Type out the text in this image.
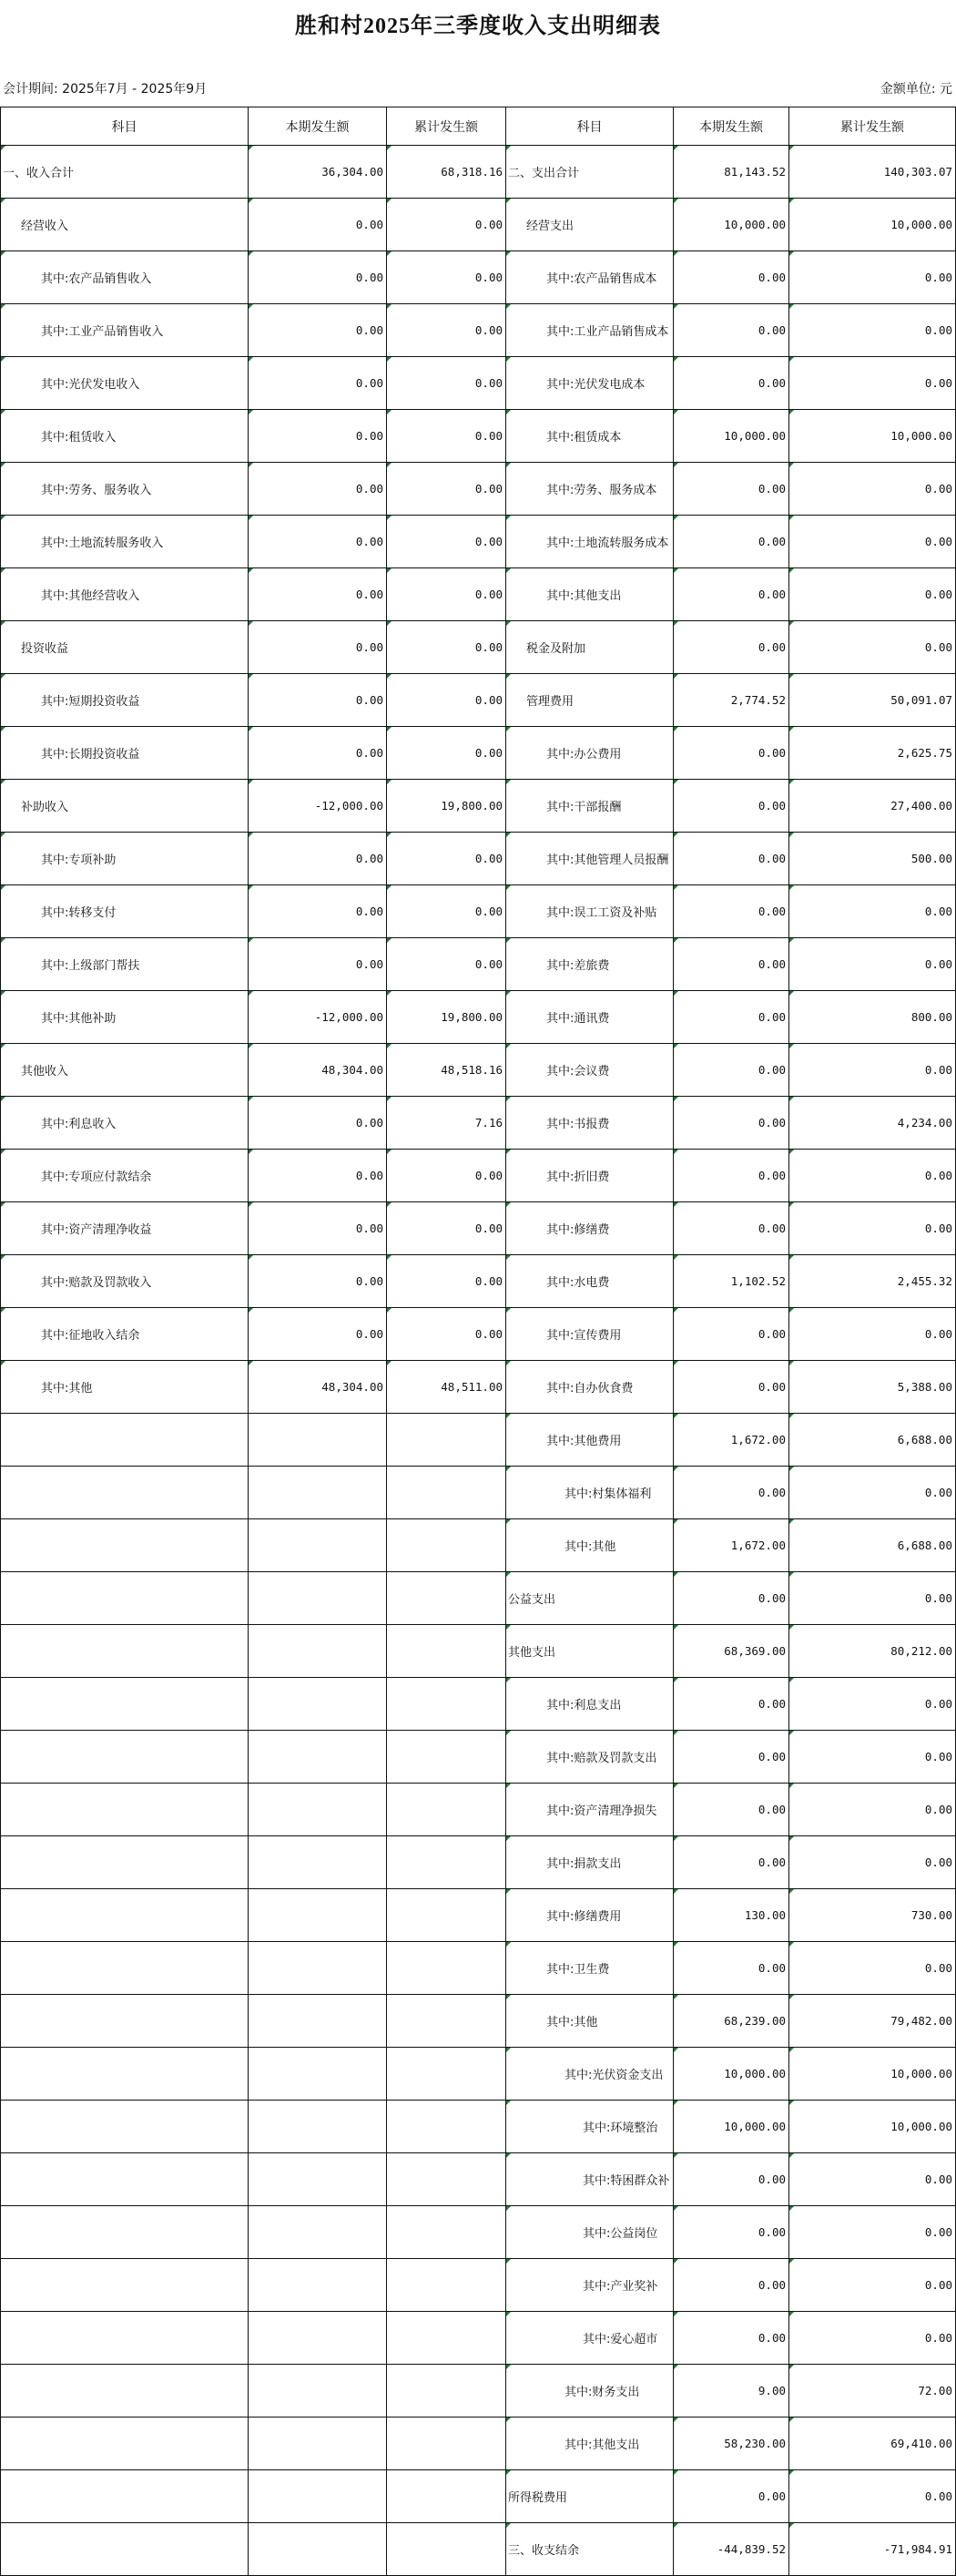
胜和村2025年三季度收入支出明细表
会计期间: 2025年7月 - 2025年9月	金额单位: 元
科目	本期发生额	累计发生额	科目	本期发生额	累计发生额
一、收入合计	36,304.00	68,318.16	二、支出合计	81,143.52	140,303.07
经营收入	0.00	0.00	经营支出	10,000.00	10,000.00
其中:农产品销售收入	0.00	0.00	其中:农产品销售成本	0.00	0.00
其中:工业产品销售收入	0.00	0.00	其中:工业产品销售成本	0.00	0.00
其中:光伏发电收入	0.00	0.00	其中:光伏发电成本	0.00	0.00
其中:租赁收入	0.00	0.00	其中:租赁成本	10,000.00	10,000.00
其中:劳务、服务收入	0.00	0.00	其中:劳务、服务成本	0.00	0.00
其中:土地流转服务收入	0.00	0.00	其中:土地流转服务成本	0.00	0.00
其中:其他经营收入	0.00	0.00	其中:其他支出	0.00	0.00
投资收益	0.00	0.00	税金及附加	0.00	0.00
其中:短期投资收益	0.00	0.00	管理费用	2,774.52	50,091.07
其中:长期投资收益	0.00	0.00	其中:办公费用	0.00	2,625.75
补助收入	-12,000.00	19,800.00	其中:干部报酬	0.00	27,400.00
其中:专项补助	0.00	0.00	其中:其他管理人员报酬	0.00	500.00
其中:转移支付	0.00	0.00	其中:误工工资及补贴	0.00	0.00
其中:上级部门帮扶	0.00	0.00	其中:差旅费	0.00	0.00
其中:其他补助	-12,000.00	19,800.00	其中:通讯费	0.00	800.00
其他收入	48,304.00	48,518.16	其中:会议费	0.00	0.00
其中:利息收入	0.00	7.16	其中:书报费	0.00	4,234.00
其中:专项应付款结余	0.00	0.00	其中:折旧费	0.00	0.00
其中:资产清理净收益	0.00	0.00	其中:修缮费	0.00	0.00
其中:赔款及罚款收入	0.00	0.00	其中:水电费	1,102.52	2,455.32
其中:征地收入结余	0.00	0.00	其中:宣传费用	0.00	0.00
其中:其他	48,304.00	48,511.00	其中:自办伙食费	0.00	5,388.00
			其中:其他费用	1,672.00	6,688.00
			其中:村集体福利	0.00	0.00
			其中:其他	1,672.00	6,688.00
			公益支出	0.00	0.00
			其他支出	68,369.00	80,212.00
			其中:利息支出	0.00	0.00
			其中:赔款及罚款支出	0.00	0.00
			其中:资产清理净损失	0.00	0.00
			其中:捐款支出	0.00	0.00
			其中:修缮费用	130.00	730.00
			其中:卫生费	0.00	0.00
			其中:其他	68,239.00	79,482.00
			其中:光伏资金支出	10,000.00	10,000.00
			其中:环境整治	10,000.00	10,000.00
			其中:特困群众补	0.00	0.00
			其中:公益岗位	0.00	0.00
			其中:产业奖补	0.00	0.00
			其中:爱心超市	0.00	0.00
			其中:财务支出	9.00	72.00
			其中:其他支出	58,230.00	69,410.00
			所得税费用	0.00	0.00
			三、收支结余	-44,839.52	-71,984.91
